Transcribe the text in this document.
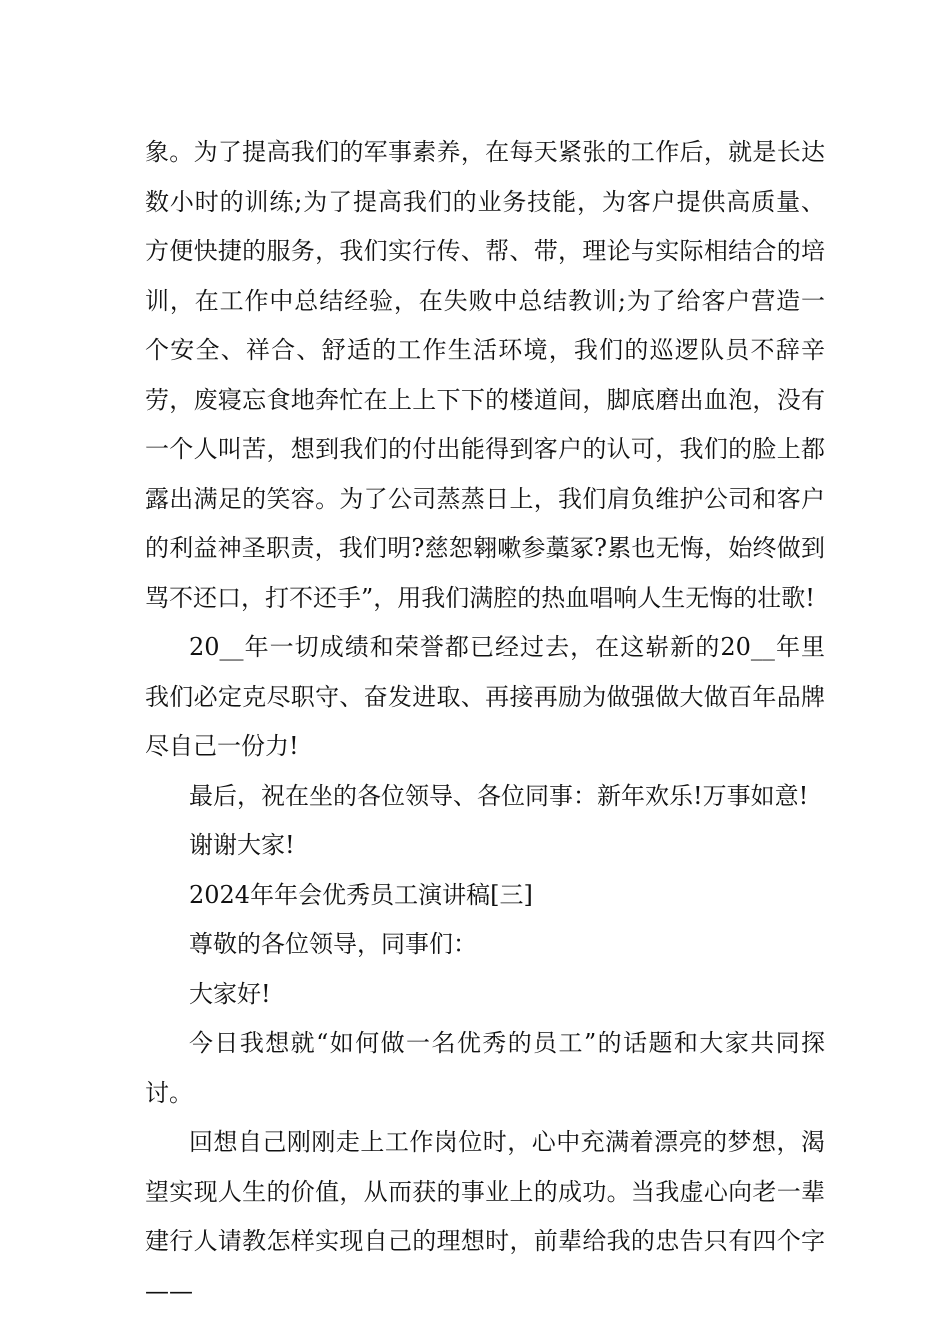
象。为了提高我们的军事素养，在每天紧张的工作后，就是长达数小时的训练;为了提高我们的业务技能，为客户提供高质量、方便快捷的服务，我们实行传、帮、带，理论与实际相结合的培训，在工作中总结经验，在失败中总结教训;为了给客户营造一个安全、祥合、舒适的工作生活环境，我们的巡逻队员不辞辛劳，废寝忘食地奔忙在上上下下的楼道间，脚底磨出血泡，没有一个人叫苦，想到我们的付出能得到客户的认可，我们的脸上都露出满足的笑容。为了公司蒸蒸日上，我们肩负维护公司和客户的利益神圣职责，我们明?慈恕翱嗽参藁冢?累也无悔，始终做到骂不还口，打不还手”，用我们满腔的热血唱响人生无悔的壮歌!

20__年一切成绩和荣誉都已经过去，在这崭新的20__年里我们必定克尽职守、奋发进取、再接再励为做强做大做百年品牌尽自己一份力!

最后，祝在坐的各位领导、各位同事：新年欢乐!万事如意!

谢谢大家!

2024年年会优秀员工演讲稿[三]

尊敬的各位领导，同事们：

大家好!

今日我想就“如何做一名优秀的员工”的话题和大家共同探讨。

回想自己刚刚走上工作岗位时，心中充满着漂亮的梦想，渴望实现人生的价值，从而获的事业上的成功。当我虚心向老一辈建行人请教怎样实现自己的理想时，前辈给我的忠告只有四个字——
